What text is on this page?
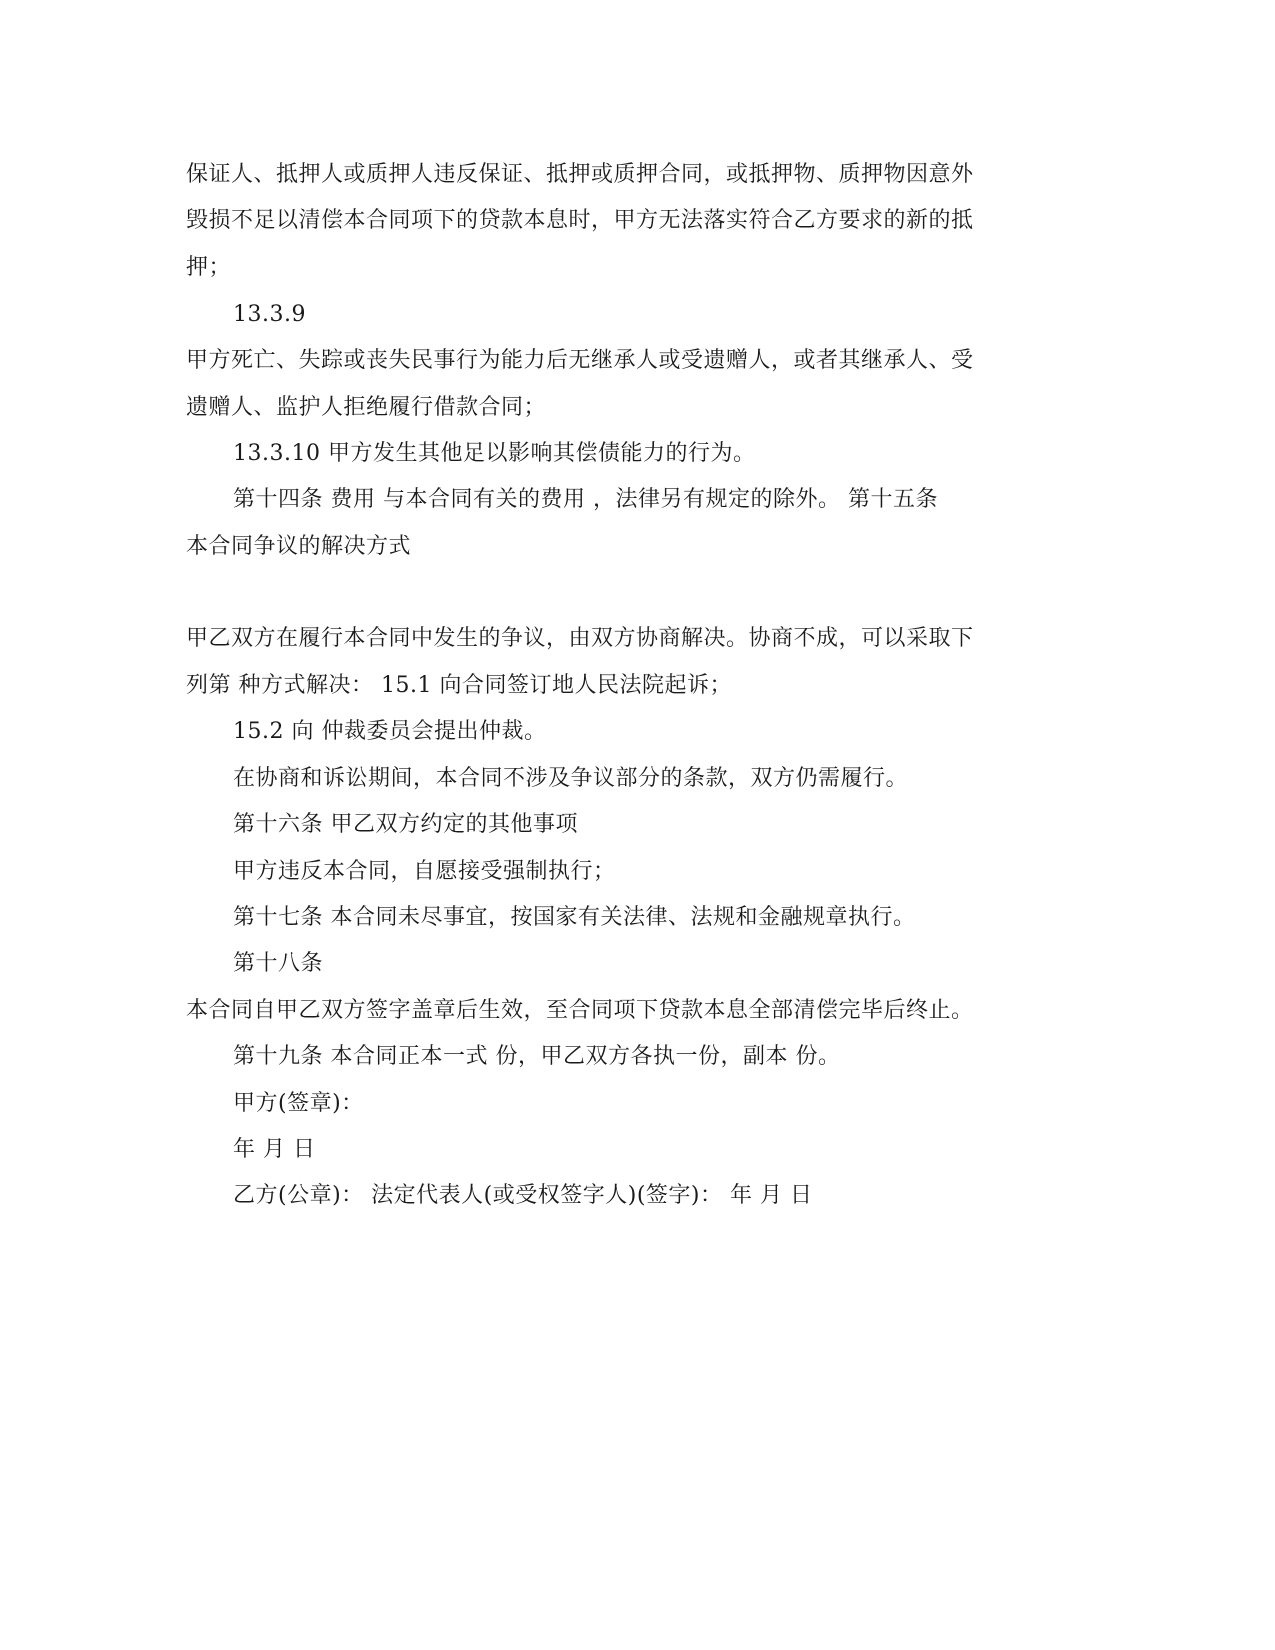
保证人、抵押人或质押人违反保证、抵押或质押合同，或抵押物、质押物因意外
毁损不足以清偿本合同项下的贷款本息时，甲方无法落实符合乙方要求的新的抵
押；
13.3.9
甲方死亡、失踪或丧失民事行为能力后无继承人或受遗赠人，或者其继承人、受
遗赠人、监护人拒绝履行借款合同；
13.3.10 甲方发生其他足以影响其偿债能力的行为。
第十四条 费用 与本合同有关的费用 ，法律另有规定的除外。 第十五条
本合同争议的解决方式
甲乙双方在履行本合同中发生的争议，由双方协商解决。协商不成，可以采取下
列第 种方式解决： 15.1 向合同签订地人民法院起诉；
15.2 向 仲裁委员会提出仲裁。
在协商和诉讼期间，本合同不涉及争议部分的条款，双方仍需履行。
第十六条 甲乙双方约定的其他事项
甲方违反本合同，自愿接受强制执行；
第十七条 本合同未尽事宜，按国家有关法律、法规和金融规章执行。
第十八条
本合同自甲乙双方签字盖章后生效，至合同项下贷款本息全部清偿完毕后终止。
第十九条 本合同正本一式 份，甲乙双方各执一份，副本 份。
甲方(签章)：
年 月 日
乙方(公章)： 法定代表人(或受权签字人)(签字)： 年 月 日
